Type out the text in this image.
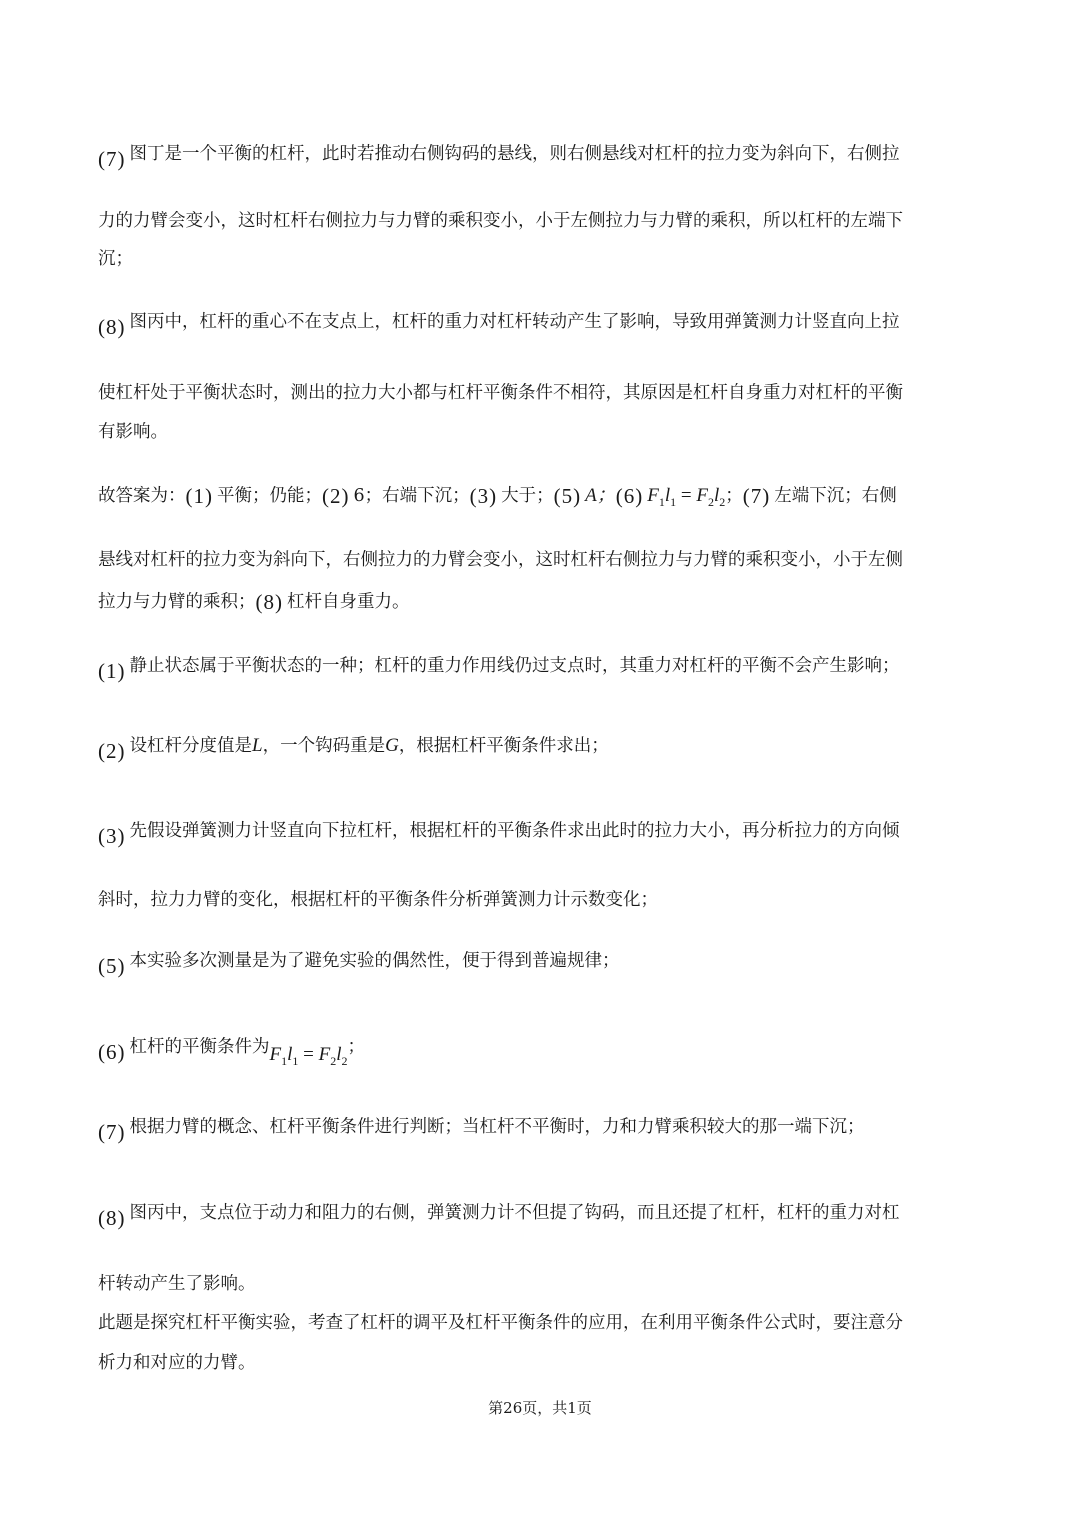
(7) 图丁是一个平衡的杠杆，此时若推动右侧钩码的悬线，则右侧悬线对杠杆的拉力变为斜向下，右侧拉
力的力臂会变小，这时杠杆右侧拉力与力臂的乘积变小，小于左侧拉力与力臂的乘积，所以杠杆的左端下
沉；
(8) 图丙中，杠杆的重心不在支点上，杠杆的重力对杠杆转动产生了影响，导致用弹簧测力计竖直向上拉
使杠杆处于平衡状态时，测出的拉力大小都与杠杆平衡条件不相符，其原因是杠杆自身重力对杠杆的平衡
有影响。
故答案为：(1) 平衡；仍能；(2) 6；右端下沉；(3) 大于；(5) A；(6) $F_1l_1 = F_2l_2$；(7) 左端下沉；右侧
悬线对杠杆的拉力变为斜向下，右侧拉力的力臂会变小，这时杠杆右侧拉力与力臂的乘积变小，小于左侧
拉力与力臂的乘积；(8) 杠杆自身重力。
(1) 静止状态属于平衡状态的一种；杠杆的重力作用线仍过支点时，其重力对杠杆的平衡不会产生影响；
(2) 设杠杆分度值是L，一个钩码重是G，根据杠杆平衡条件求出；
(3) 先假设弹簧测力计竖直向下拉杠杆，根据杠杆的平衡条件求出此时的拉力大小，再分析拉力的方向倾
斜时，拉力力臂的变化，根据杠杆的平衡条件分析弹簧测力计示数变化；
(5) 本实验多次测量是为了避免实验的偶然性，便于得到普遍规律；
(6) 杠杆的平衡条件为$F_1l_1 = F_2l_2$；
(7) 根据力臂的概念、杠杆平衡条件进行判断；当杠杆不平衡时，力和力臂乘积较大的那一端下沉；
(8) 图丙中，支点位于动力和阻力的右侧，弹簧测力计不但提了钩码，而且还提了杠杆，杠杆的重力对杠
杆转动产生了影响。
此题是探究杠杆平衡实验，考查了杠杆的调平及杠杆平衡条件的应用，在利用平衡条件公式时，要注意分
析力和对应的力臂。
第26页，共1页
